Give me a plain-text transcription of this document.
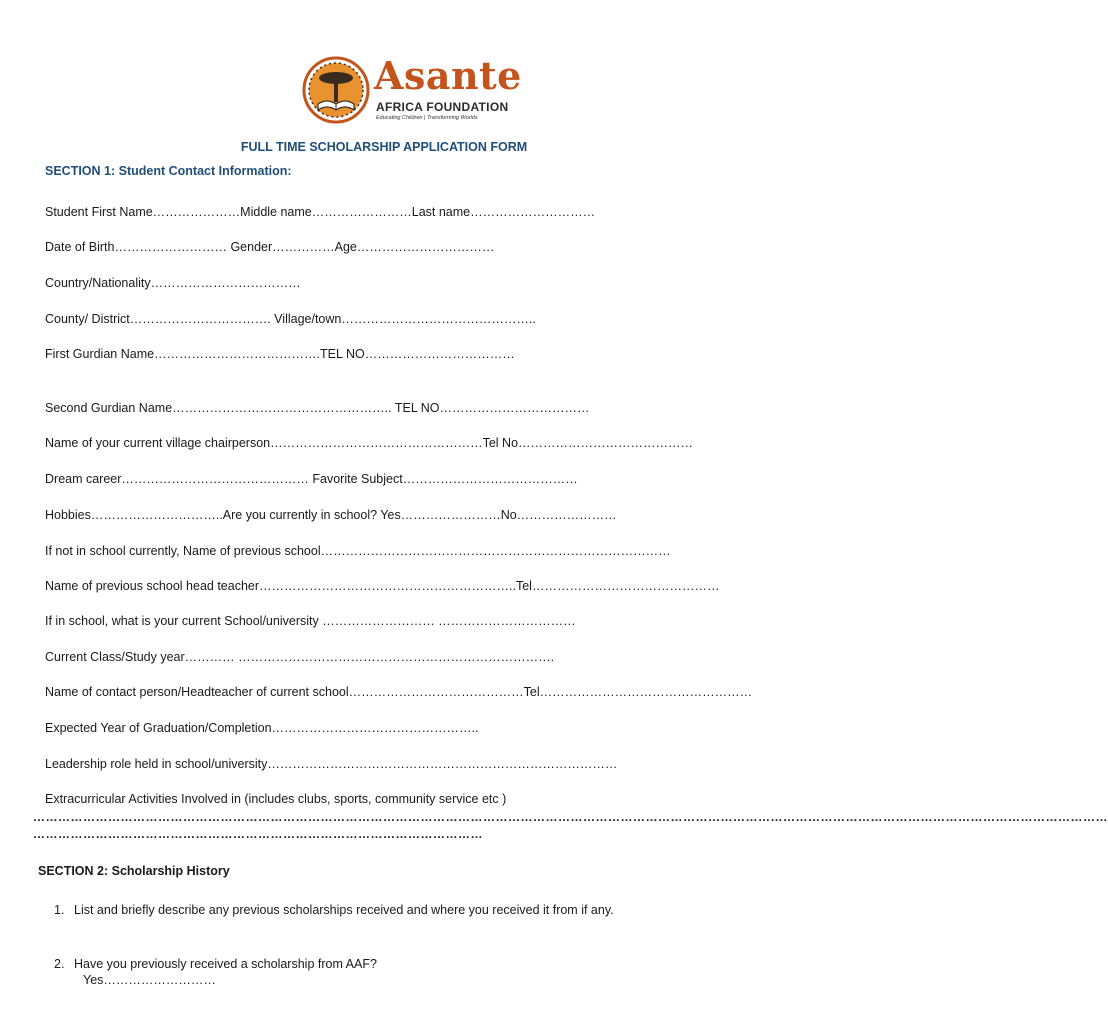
Asante
AFRICA FOUNDATION
Educating Children | Transforming Worlds
FULL TIME SCHOLARSHIP APPLICATION FORM
SECTION 1: Student Contact Information:
Student First Name…………………Middle name……………………Last name…………………………
Date of Birth……………………… Gender……………Age……………………………
Country/Nationality………………………………
County/ District……………………………. Village/town………………………………………..
First Gurdian Name………………………………….TEL NO………………………………
Second Gurdian Name…………………………………………….. TEL NO………………………………
Name of your current village chairperson……………………………………………Tel No……………………………………
Dream career……………………………………… Favorite Subject……………………………………
Hobbies…………………………..Are you currently in school? Yes……………………No……………………
If not in school currently, Name of previous school…………………………………………………………………………
Name of previous school head teacher……………………………………………………..Tel………………………………………
If in school, what is your current School/university ……………………… ……………………………
Current Class/Study year………… ………………………………………………………………….
Name of contact person/Headteacher of current school……………………………………Tel……………………………………………
Expected Year of Graduation/Completion…………………………………………..
Leadership role held in school/university…………………………………………………………………………
Extracurricular Activities Involved in (includes clubs, sports, community service etc )
……………………………………………………………………………………………………………………………………………………………………………………………………………………………………
………………………………………………………………………………………………
SECTION 2: Scholarship History
1. List and briefly describe any previous scholarships received and where you received it from if any.
2. Have you previously received a scholarship from AAF?
Yes………………………
